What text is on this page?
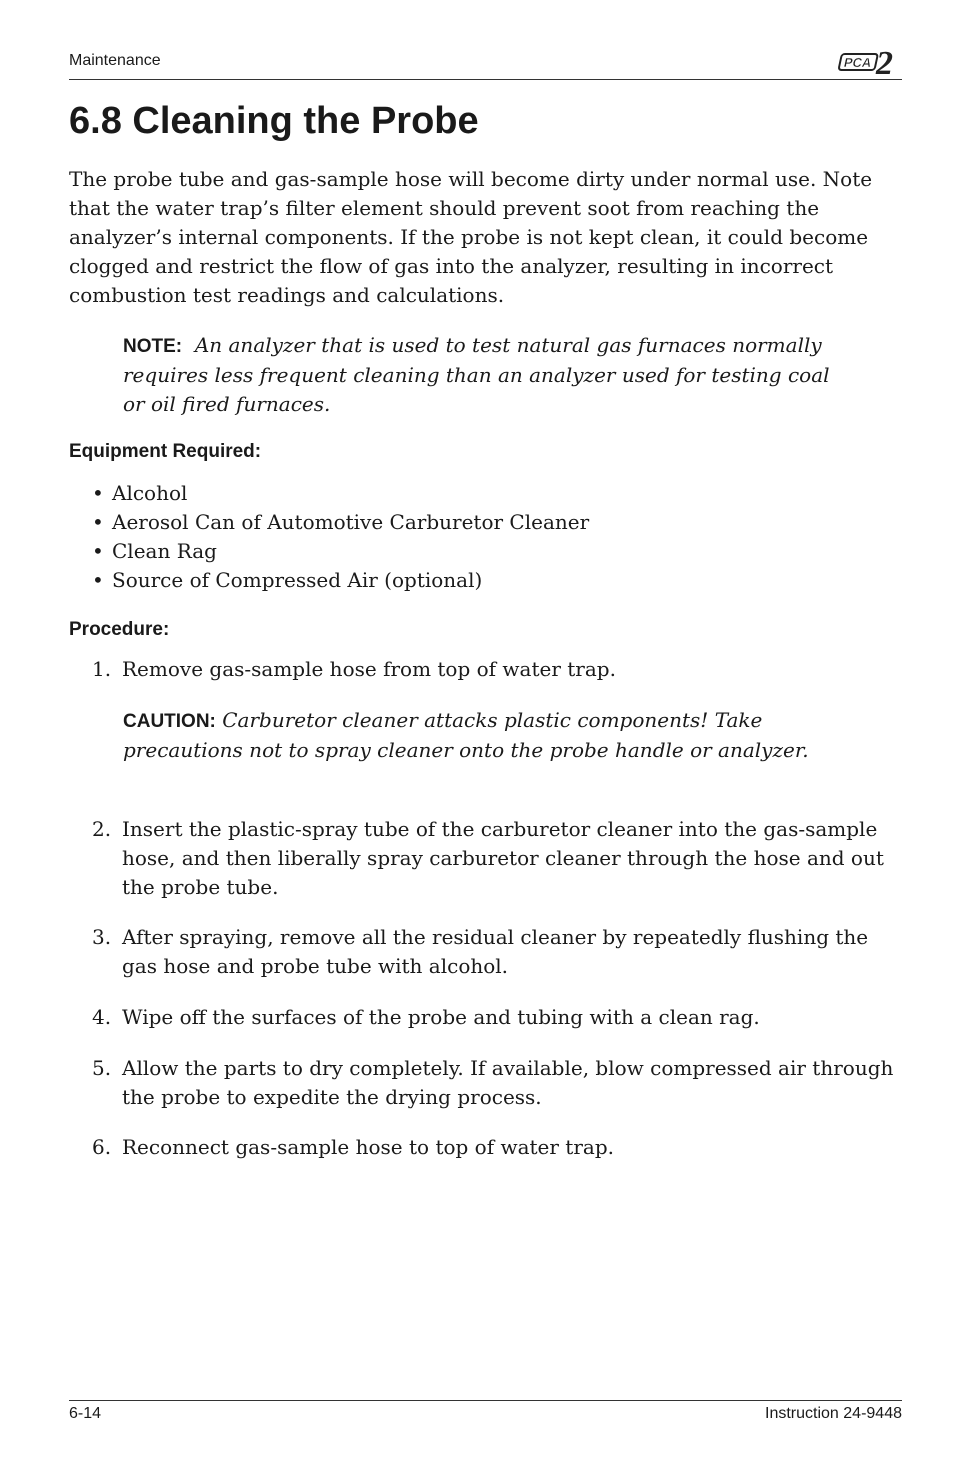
Maintenance	PCA 2
6.8 Cleaning the Probe

The probe tube and gas-sample hose will become dirty under normal use. Note that the water trap’s filter element should prevent soot from reaching the analyzer’s internal components. If the probe is not kept clean, it could become clogged and restrict the flow of gas into the analyzer, resulting in incorrect combustion test readings and calculations.

NOTE: An analyzer that is used to test natural gas furnaces normally requires less frequent cleaning than an analyzer used for testing coal or oil fired furnaces.

Equipment Required:
• Alcohol
• Aerosol Can of Automotive Carburetor Cleaner
• Clean Rag
• Source of Compressed Air (optional)
Procedure:

1. Remove gas-sample hose from top of water trap.

CAUTION: Carburetor cleaner attacks plastic components! Take precautions not to spray cleaner onto the probe handle or analyzer.

2. Insert the plastic-spray tube of the carburetor cleaner into the gas-sample hose, and then liberally spray carburetor cleaner through the hose and out the probe tube.

3. After spraying, remove all the residual cleaner by repeatedly flushing the gas hose and probe tube with alcohol.

4. Wipe off the surfaces of the probe and tubing with a clean rag.

5. Allow the parts to dry completely. If available, blow compressed air through the probe to expedite the drying process.

6. Reconnect gas-sample hose to top of water trap.

6-14	Instruction 24-9448
